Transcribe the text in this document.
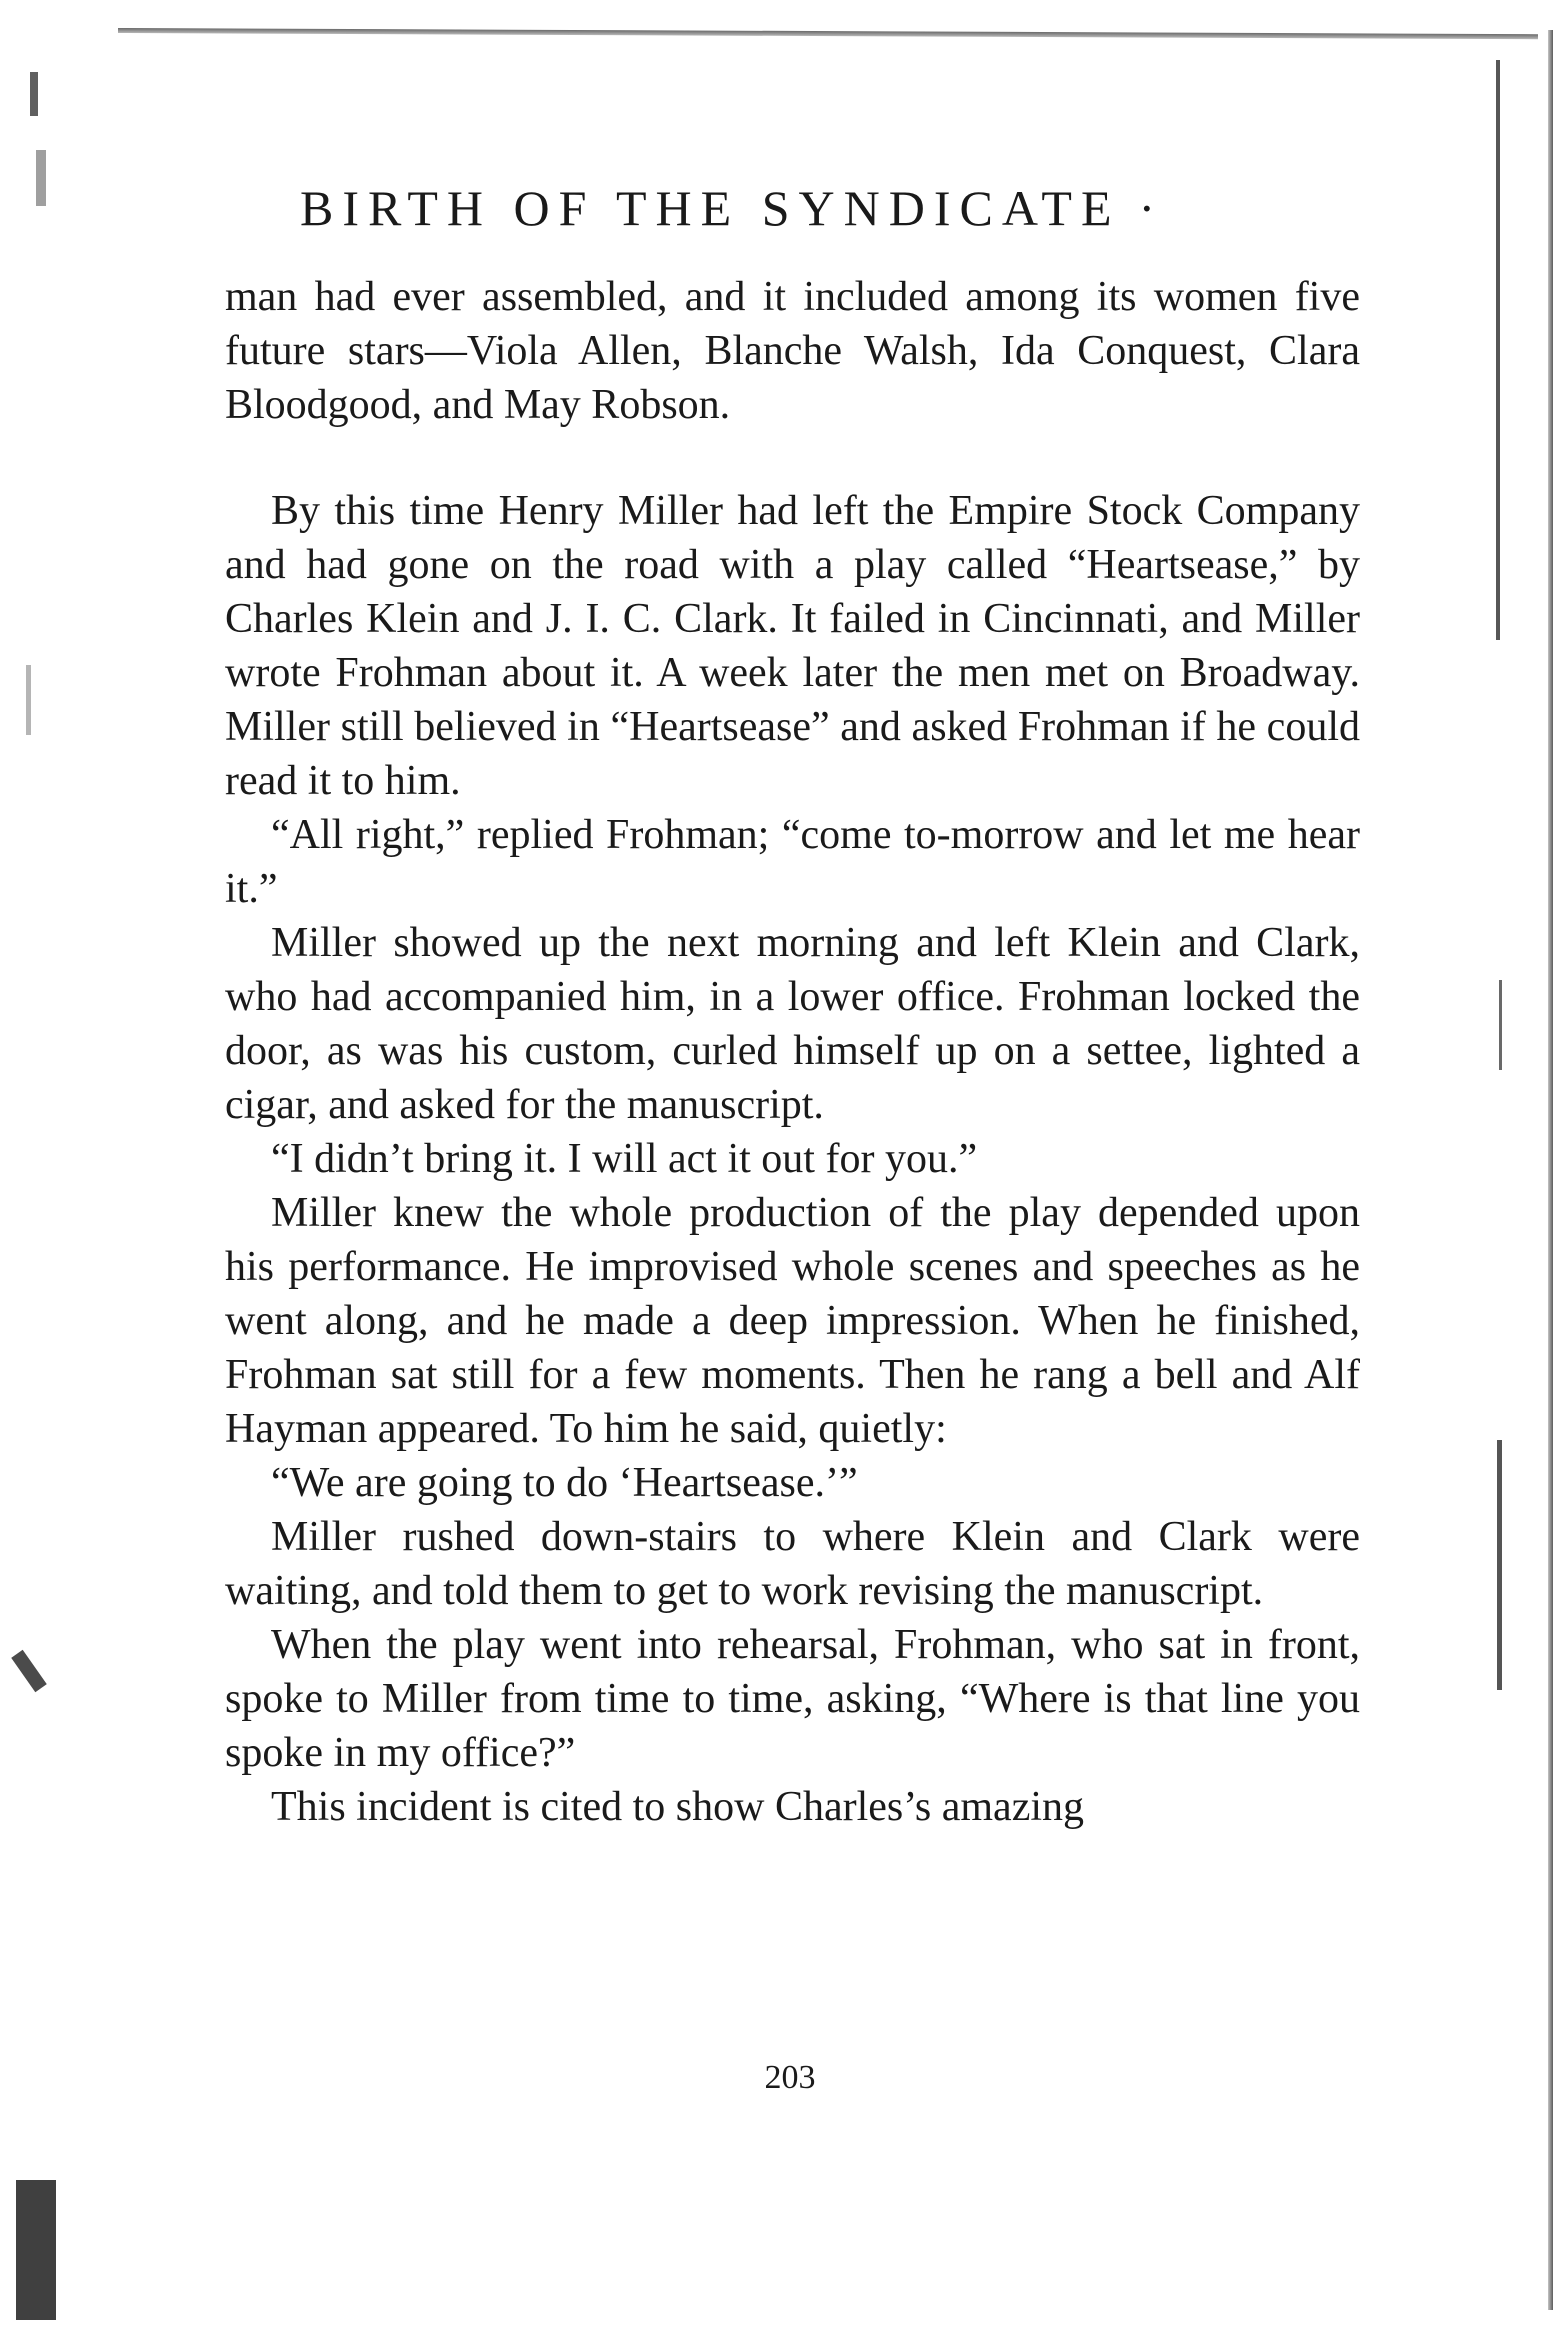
BIRTH OF THE SYNDICATE ·

man had ever assembled, and it included among its women five future stars—Viola Allen, Blanche Walsh, Ida Conquest, Clara Bloodgood, and May Robson.

By this time Henry Miller had left the Empire Stock Company and had gone on the road with a play called “Heartsease,” by Charles Klein and J. I. C. Clark. It failed in Cincinnati, and Miller wrote Frohman about it. A week later the men met on Broadway. Miller still believed in “Heartsease” and asked Frohman if he could read it to him.

“All right,” replied Frohman; “come to-morrow and let me hear it.”

Miller showed up the next morning and left Klein and Clark, who had accompanied him, in a lower office. Frohman locked the door, as was his custom, curled himself up on a settee, lighted a cigar, and asked for the manuscript.

“I didn’t bring it. I will act it out for you.”

Miller knew the whole production of the play depended upon his performance. He improvised whole scenes and speeches as he went along, and he made a deep impression. When he finished, Frohman sat still for a few moments. Then he rang a bell and Alf Hayman appeared. To him he said, quietly:

“We are going to do ‘Heartsease.’”

Miller rushed down-stairs to where Klein and Clark were waiting, and told them to get to work revising the manuscript.

When the play went into rehearsal, Frohman, who sat in front, spoke to Miller from time to time, asking, “Where is that line you spoke in my office?”

This incident is cited to show Charles’s amazing

203
